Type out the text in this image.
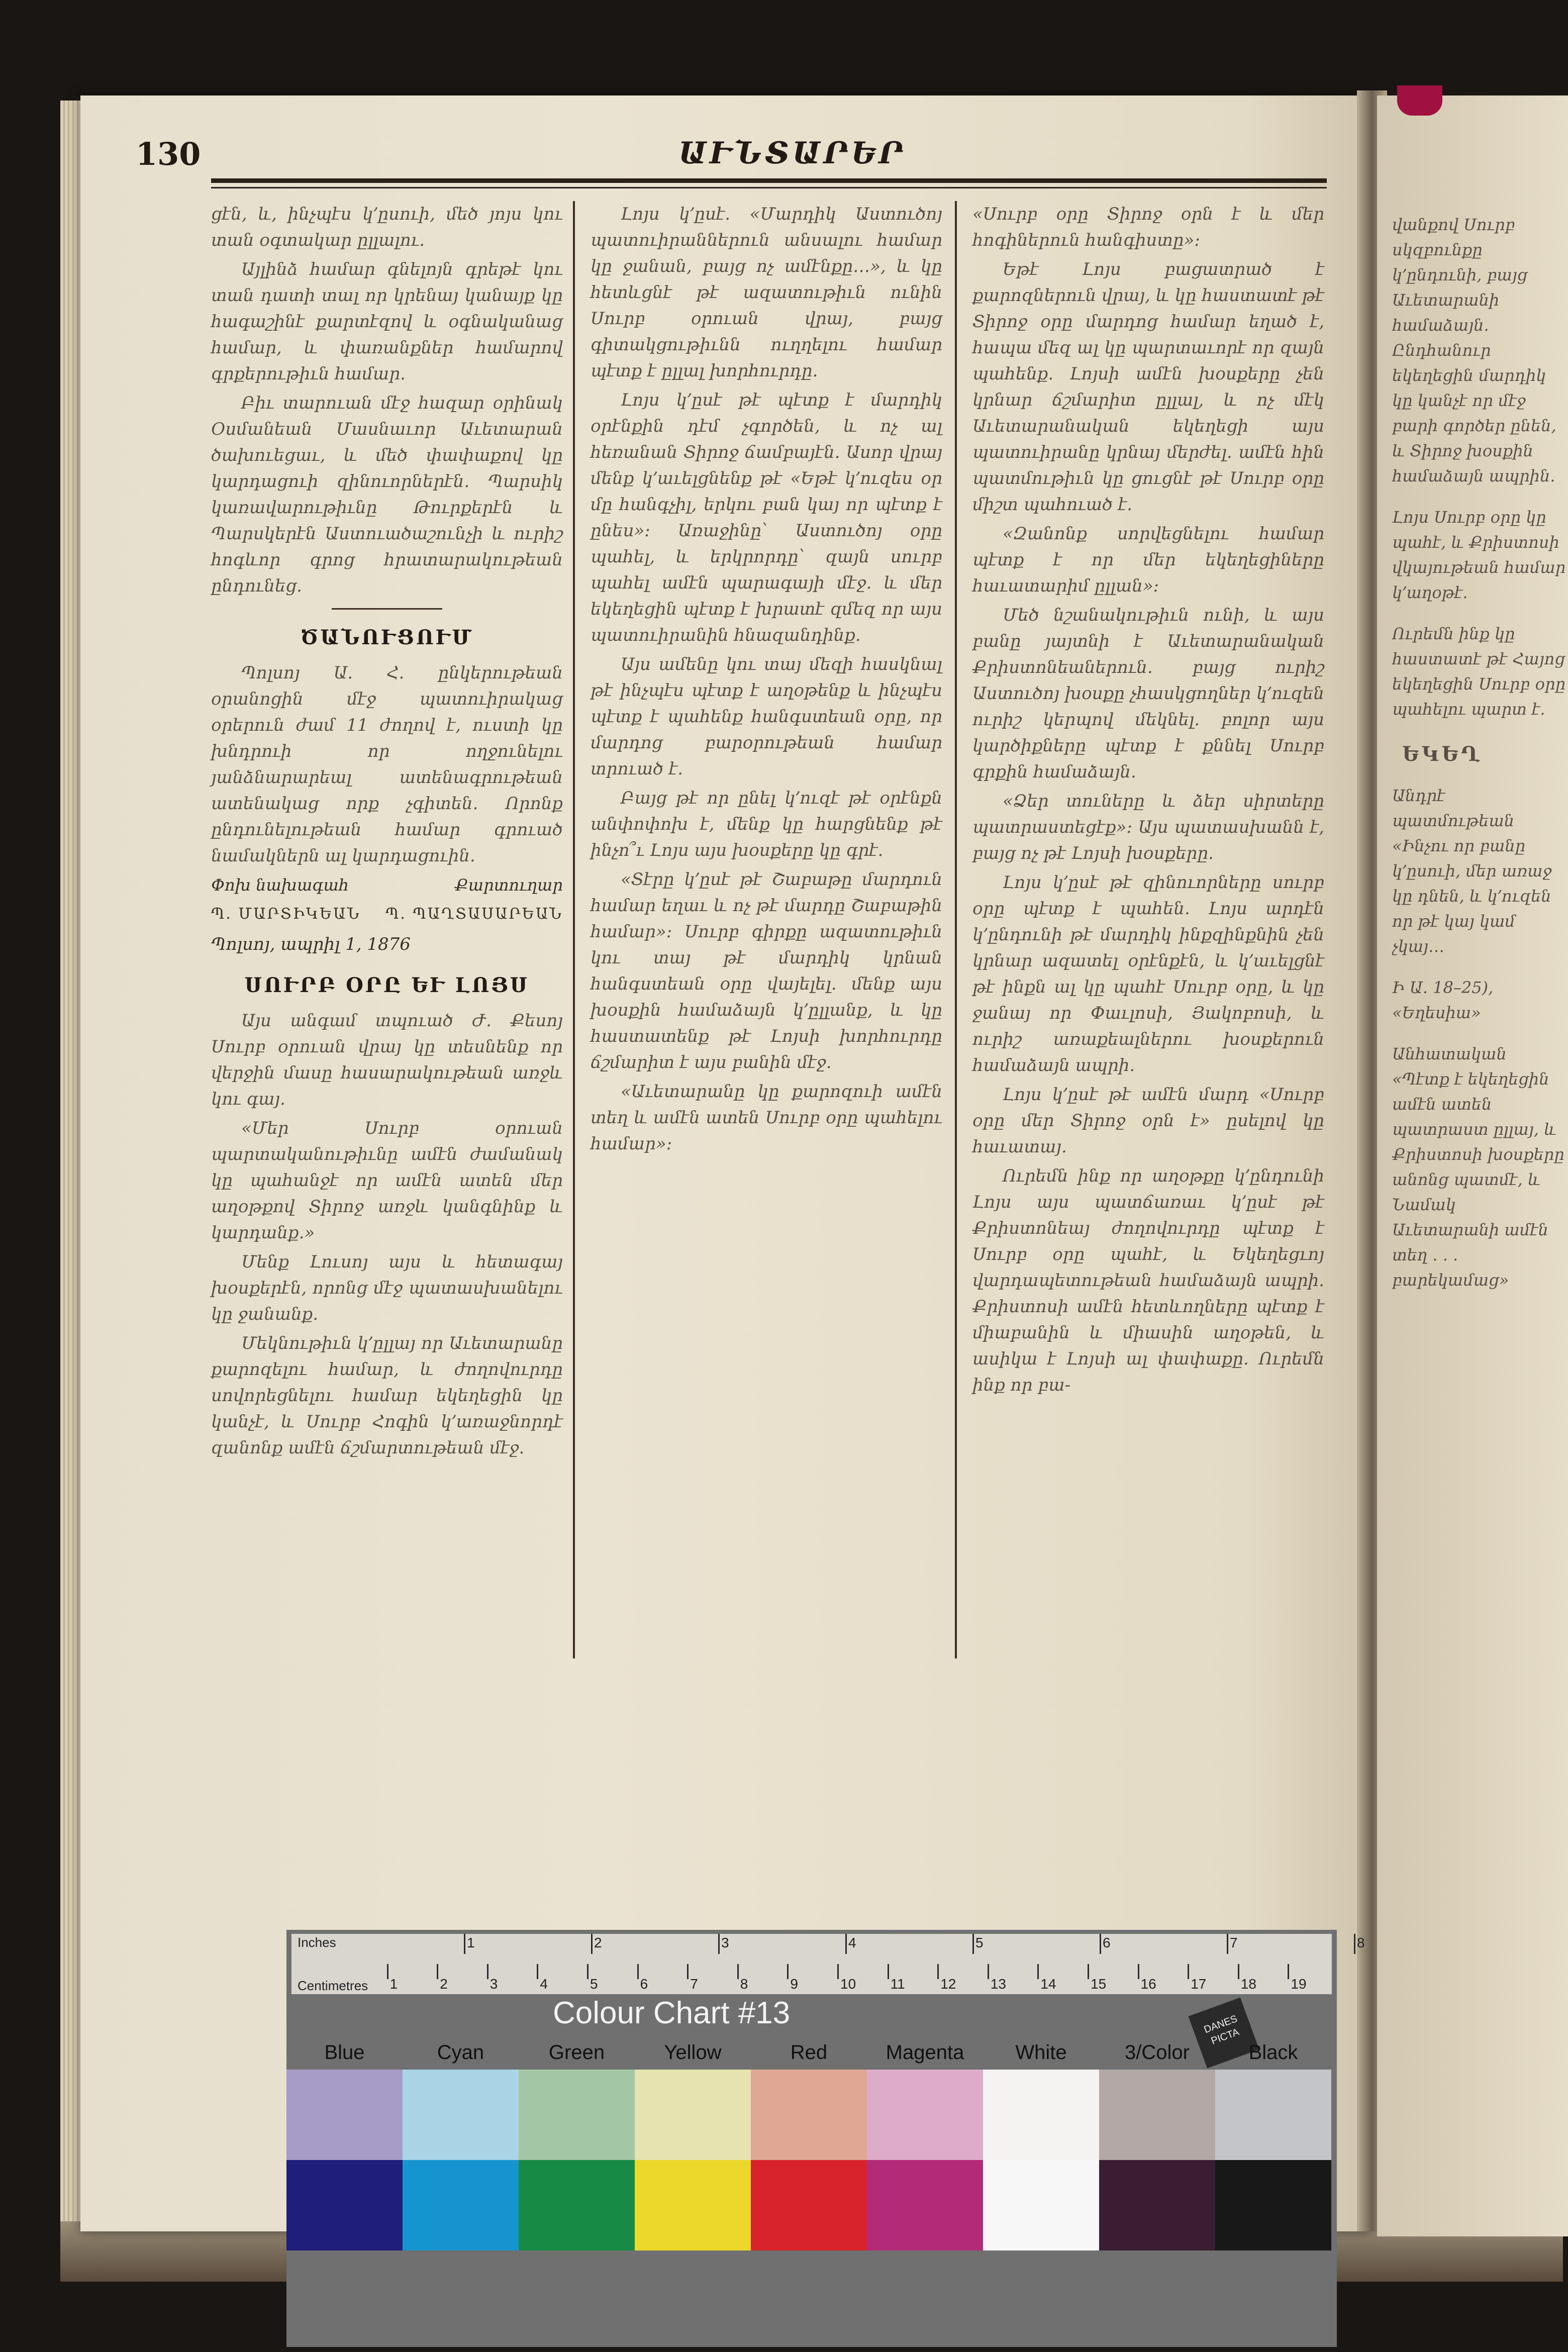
130	ԱՒՆՏԱՐԵՐ

ցէն, և, ինչպէս կ՚ըսուի, մեծ յոյս կու տան օգտակար ըլլալու.

Այլինձ համար գնելոյն գրեթէ կու տան դատի տալ որ կրենայ կանայք կը հագաշինէ քարտէզով և օգնականաց համար, և փառանքներ համարով գրքերութիւն համար.

Բիւ տարուան մէջ հազար օրինակ Օսմանեան Մասնաւոր Աւետարան ծախուեցաւ, և մեծ փափաքով կը կարդացուի զինուորներէն. Պարսիկ կառավարութիւնը Թուրքերէն և Պարսկերէն Աստուածաշունչի և ուրիշ հոգևոր գրոց հրատարակութեան ընդունեց.

ԾԱՆՈՒՑՈՒՄ

Պոլսոյ Ա. Հ. ընկերութեան օրանոցին մէջ պատուիրակաց օրերուն ժամ 11 ժողով է, ուստի կը խնդրուի որ ողջունելու յանձնարարեալ ատենագրութեան ատենակաց որք չգիտեն. Որոնք ընդունելութեան համար գրուած նամակներն ալ կարդացուին.

Փոխ նախագահ	Քարտուղար
Պ. ՄԱՐՏԻԿԵԱՆ Պ. ՊԱՂՏԱՍԱՐԵԱՆ
Պոլսոյ, ապրիլ 1, 1876
ՍՈՒՐԲ ՕՐԸ ԵՒ ԼՈՅՍ

Այս անգամ տպուած Ժ. Քեսոյ Սուրբ օրուան վրայ կը տեսնենք որ վերջին մասը հասարակութեան առջև կու գայ.

«Մեր Սուրբ օրուան պարտականութիւնը ամէն ժամանակ կը պահանջէ որ ամէն ատեն մեր աղօթքով Տիրոջ առջև կանգնինք և կարդանք.»

Մենք Լուսոյ այս և հետագայ խօսքերէն, որոնց մէջ պատասխանելու կը ջանանք.

Մեկնութիւն կ՚ըլլայ որ Աւետարանը քարոզելու համար, և ժողովուրդը սովորեցնելու համար եկեղեցին կը կանչէ, և Սուրբ Հոգին կ՚առաջնորդէ զանոնք ամէն ճշմարտութեան մէջ.

Լոյս կ՚ըսէ. «Մարդիկ Աստուծոյ պատուիրաններուն անսալու համար կը ջանան, բայց ոչ ամէնքը…», և կը հետևցնէ թէ ազատութիւն ունին Սուրբ օրուան վրայ, բայց գիտակցութիւնն ուղղելու համար պէտք է ըլլալ խորհուրդը.

Լոյս կ՚ըսէ թէ պէտք է մարդիկ օրէնքին դէմ չգործեն, և ոչ ալ հեռանան Տիրոջ ճամբայէն. Ասոր վրայ մենք կ՚աւելցնենք թէ «Եթէ կ՚ուզես օր մը հանգչիլ, երկու բան կայ որ պէտք է ընես»: Առաջինը՝ Աստուծոյ օրը պահել, և երկրորդը՝ զայն սուրբ պահել ամէն պարագայի մէջ. և մեր եկեղեցին պէտք է խրատէ զմեզ որ այս պատուիրանին հնազանդինք.

Այս ամենը կու տայ մեզի հասկնալ թէ ինչպէս պէտք է աղօթենք և ինչպէս պէտք է պահենք հանգստեան օրը, որ մարդոց բարօրութեան համար տրուած է.

Բայց թէ որ ընել կ՚ուզէ թէ օրէնքն անփոփոխ է, մենք կը հարցնենք թէ ինչո՞ւ Լոյս այս խօսքերը կը գրէ.

«Տէրը կ՚ըսէ թէ Շաբաթը մարդուն համար եղաւ և ոչ թէ մարդը Շաբաթին համար»: Սուրբ գիրքը ազատութիւն կու տայ թէ մարդիկ կրնան հանգստեան օրը վայելել. մենք այս խօսքին համաձայն կ՚ըլլանք, և կը հաստատենք թէ Լոյսի խորհուրդը ճշմարիտ է այս բանին մէջ.

«Աւետարանը կը քարոզուի ամէն տեղ և ամէն ատեն Սուրբ օրը պահելու համար»:

«Սուրբ օրը Տիրոջ օրն է և մեր հոգիներուն հանգիստը»:

Եթէ Լոյս բացատրած է քարոզներուն վրայ, և կը հաստատէ թէ Տիրոջ օրը մարդոց համար եղած է, հապա մեզ ալ կը պարտաւորէ որ զայն պահենք. Լոյսի ամէն խօսքերը չեն կրնար ճշմարիտ ըլլալ, և ոչ մէկ Աւետարանական եկեղեցի այս պատուիրանը կրնայ մերժել. ամէն հին պատմութիւն կը ցուցնէ թէ Սուրբ օրը միշտ պահուած է.

«Զանոնք սորվեցնելու համար պէտք է որ մեր եկեղեցիները հաւատարիմ ըլլան»:

Մեծ նշանակութիւն ունի, և այս բանը յայտնի է Աւետարանական Քրիստոնեաներուն. բայց ուրիշ Աստուծոյ խօսքը չհասկցողներ կ՚ուզեն ուրիշ կերպով մեկնել. բոլոր այս կարծիքները պէտք է քննել Սուրբ գրքին համաձայն.

«Ձեր տուները և ձեր սիրտերը պատրաստեցէք»: Այս պատասխանն է, բայց ոչ թէ Լոյսի խօսքերը.

Լոյս կ՚ըսէ թէ զինուորները սուրբ օրը պէտք է պահեն. Լոյս արդէն կ՚ընդունի թէ մարդիկ ինքզինքնին չեն կրնար ազատել օրէնքէն, և կ՚աւելցնէ թէ ինքն ալ կը պահէ Սուրբ օրը, և կը ջանայ որ Փաւլոսի, Յակոբոսի, և ուրիշ առաքեալներու խօսքերուն համաձայն ապրի.

Լոյս կ՚ըսէ թէ ամէն մարդ «Սուրբ օրը մեր Տիրոջ օրն է» ըսելով կը հաւատայ.

Ուրեմն ինք որ աղօթքը կ՚ընդունի Լոյս այս պատճառաւ կ՚ըսէ թէ Քրիստոնեայ ժողովուրդը պէտք է Սուրբ օրը պահէ, և Եկեղեցւոյ վարդապետութեան համաձայն ապրի. Քրիստոսի ամէն հետևողները պէտք է միաբանին և միասին աղօթեն, և ասիկա է Լոյսի ալ փափաքը. Ուրեմն ինք որ բա-

վանքով Սուրբ սկզբունքը կ՚ընդունի, բայց Աւետարանի համաձայն. Ընդհանուր եկեղեցին մարդիկ կը կանչէ որ մէջ բարի գործեր ընեն, և Տիրոջ խօսքին համաձայն ապրին.

Լոյս Սուրբ օրը կը պահէ, և Քրիստոսի վկայութեան համար կ՚աղօթէ.

Ուրեմն ինք կը հաստատէ թէ Հայոց եկեղեցին Սուրբ օրը պահելու պարտ է.

ԵԿԵՂ

Անդրէ պատմութեան «Ինչու որ բանը կ՚ըսուի, մեր առաջ կը դնեն, և կ՚ուզեն որ թէ կայ կամ չկայ…

Ի Ա. 18–25), «Եղեսիա»

Անհատական «Պէտք է եկեղեցին ամէն ատեն պատրաստ ըլլայ, և Քրիստոսի խօսքերը անոնց պատմէ, և Նամակ Աւետարանի ամէն տեղ . . . բարեկամաց»

Inches
Centimetres
1	2	3	4	5	6	7	8
1	2	3	4	5	6	7	8	9	10 11	12 13 14 15 16 17 18 19
Colour Chart #13	DANES PICTA
Blue	Cyan	Green	Yellow	Red	Magenta	White	3/Color	Black
